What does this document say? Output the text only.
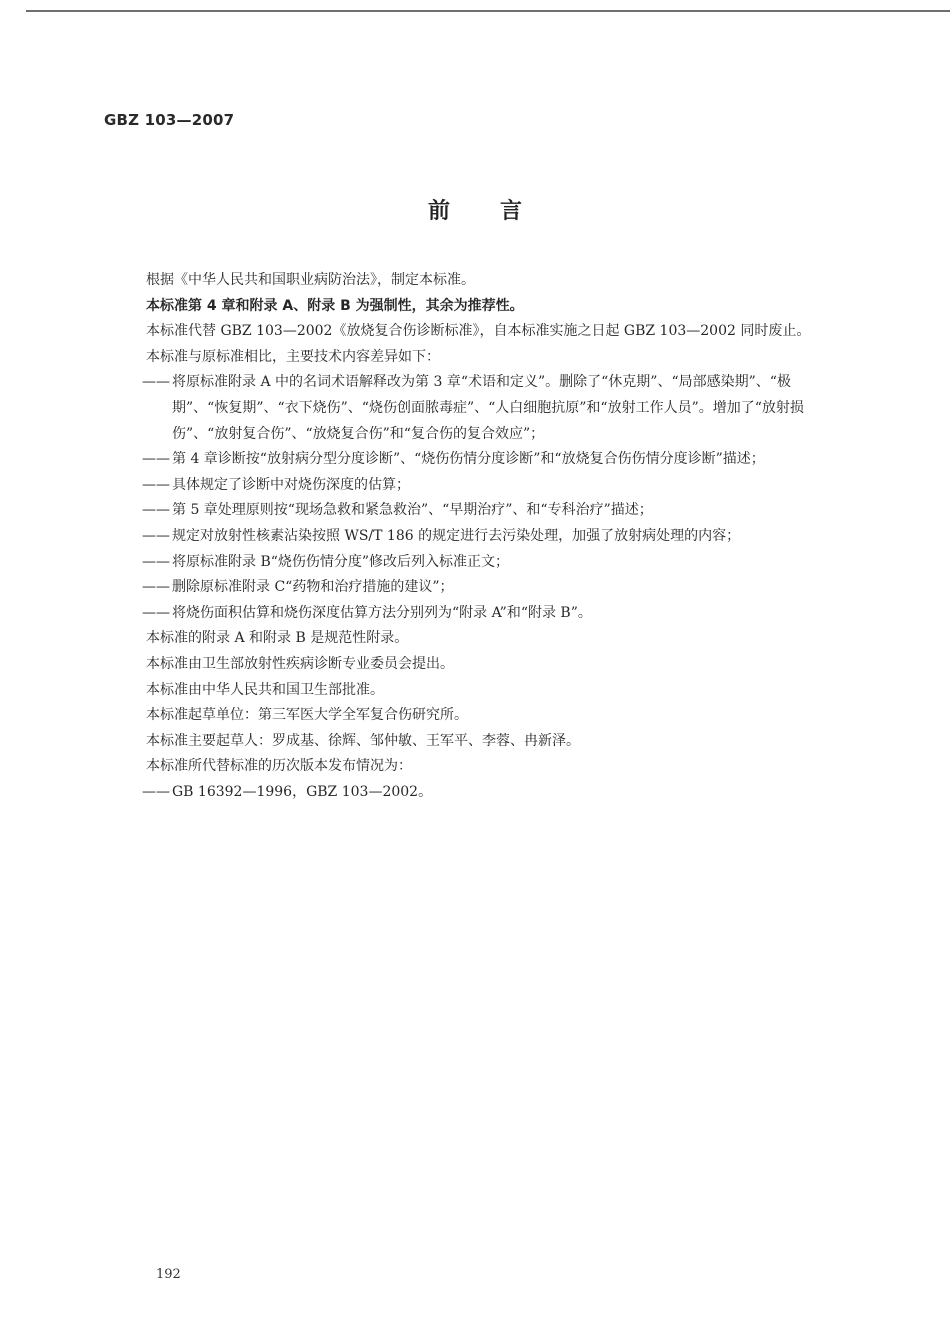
GBZ 103—2007
前 言

根据《中华人民共和国职业病防治法》，制定本标准。

本标准第 4 章和附录 A、附录 B 为强制性，其余为推荐性。

本标准代替 GBZ 103—2002《放烧复合伤诊断标准》，自本标准实施之日起 GBZ 103—2002 同时废止。

本标准与原标准相比，主要技术内容差异如下：

—— 将原标准附录 A 中的名词术语解释改为第 3 章“术语和定义”。删除了“休克期”、“局部感染期”、“极期”、“恢复期”、“衣下烧伤”、“烧伤创面脓毒症”、“人白细胞抗原”和“放射工作人员”。增加了“放射损伤”、“放射复合伤”、“放烧复合伤”和“复合伤的复合效应”；
—— 第 4 章诊断按“放射病分型分度诊断”、“烧伤伤情分度诊断”和“放烧复合伤伤情分度诊断”描述；
—— 具体规定了诊断中对烧伤深度的估算；
—— 第 5 章处理原则按“现场急救和紧急救治”、“早期治疗”、和“专科治疗”描述；
—— 规定对放射性核素沾染按照 WS/T 186 的规定进行去污染处理，加强了放射病处理的内容；
—— 将原标准附录 B“烧伤伤情分度”修改后列入标准正文；
—— 删除原标准附录 C“药物和治疗措施的建议”；
—— 将烧伤面积估算和烧伤深度估算方法分别列为“附录 A”和“附录 B”。

本标准的附录 A 和附录 B 是规范性附录。

本标准由卫生部放射性疾病诊断专业委员会提出。

本标准由中华人民共和国卫生部批准。

本标准起草单位：第三军医大学全军复合伤研究所。

本标准主要起草人：罗成基、徐辉、邹仲敏、王军平、李蓉、冉新泽。

本标准所代替标准的历次版本发布情况为：

—— GB 16392—1996，GBZ 103—2002。
192
